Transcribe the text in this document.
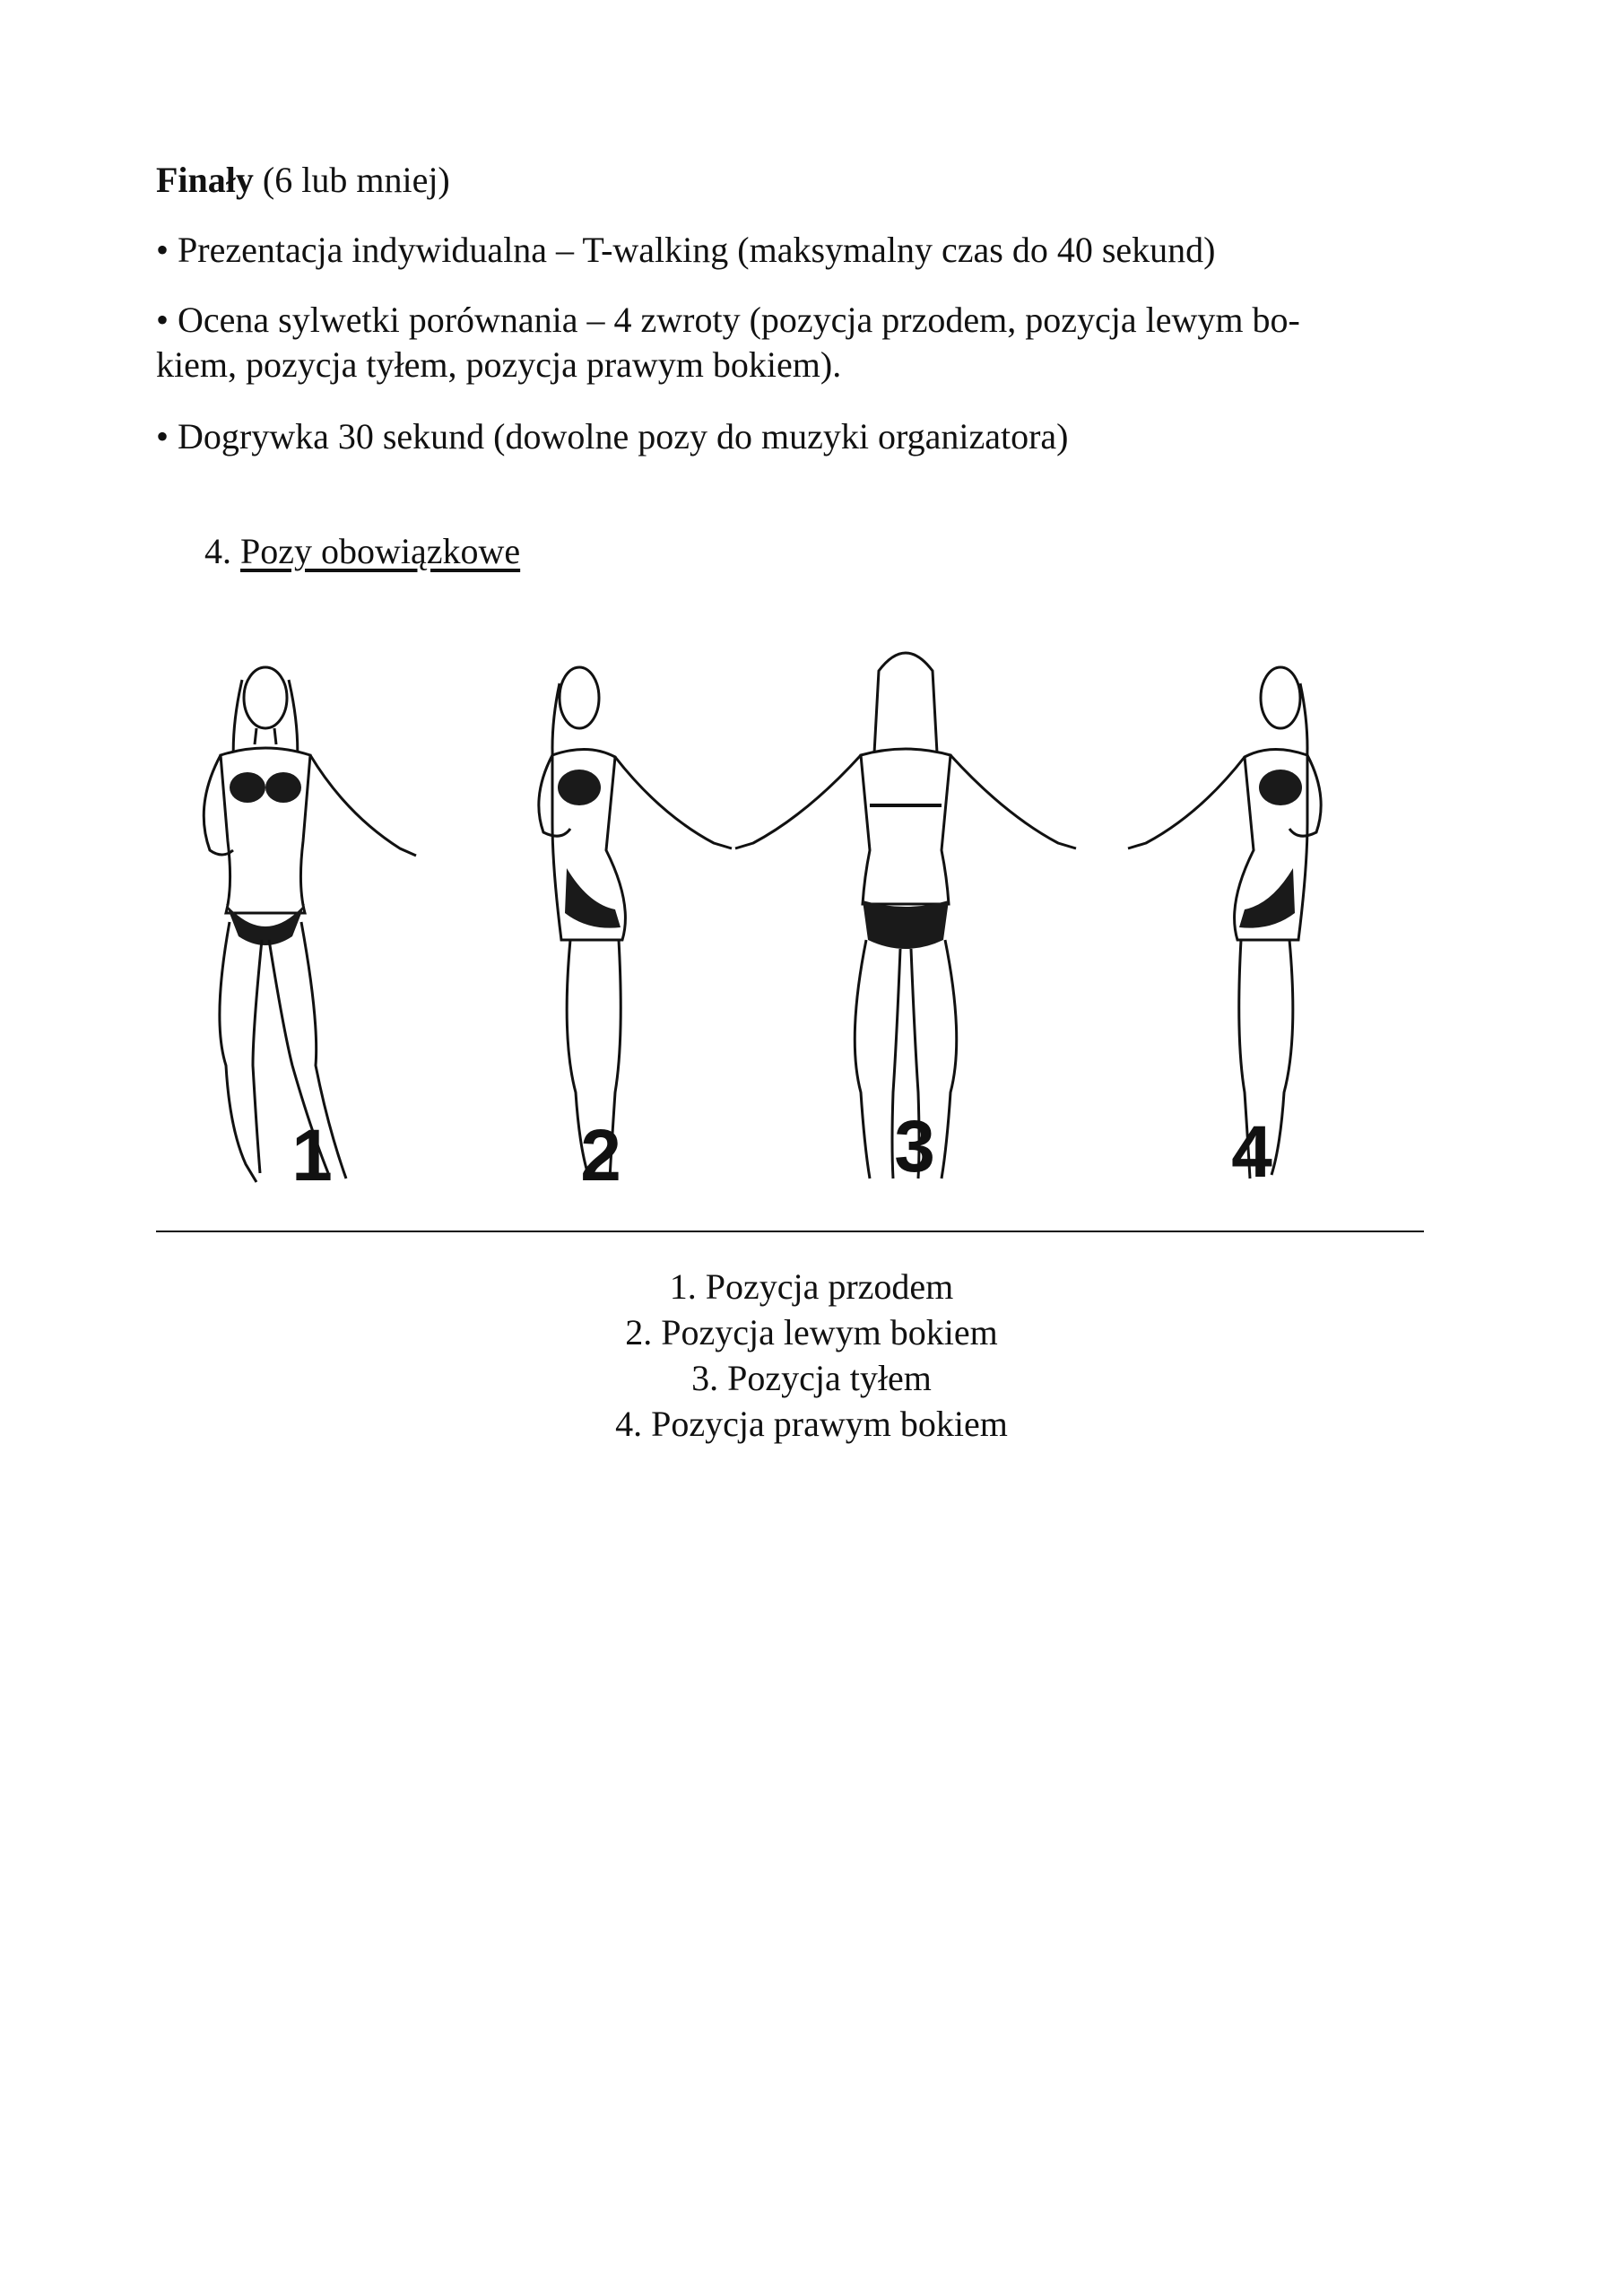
Finały (6 lub mniej)

• Prezentacja indywidualna – T-walking (maksymalny czas do 40 sekund)

• Ocena sylwetki porównania – 4 zwroty (pozycja przodem, pozycja lewym bo-

kiem, pozycja tyłem, pozycja prawym bokiem).

• Dogrywka 30 sekund (dowolne pozy do muzyki organizatora)

4. Pozy obowiązkowe
1	2	3	4
1. Pozycja przodem
2. Pozycja lewym bokiem
3. Pozycja tyłem
4. Pozycja prawym bokiem
